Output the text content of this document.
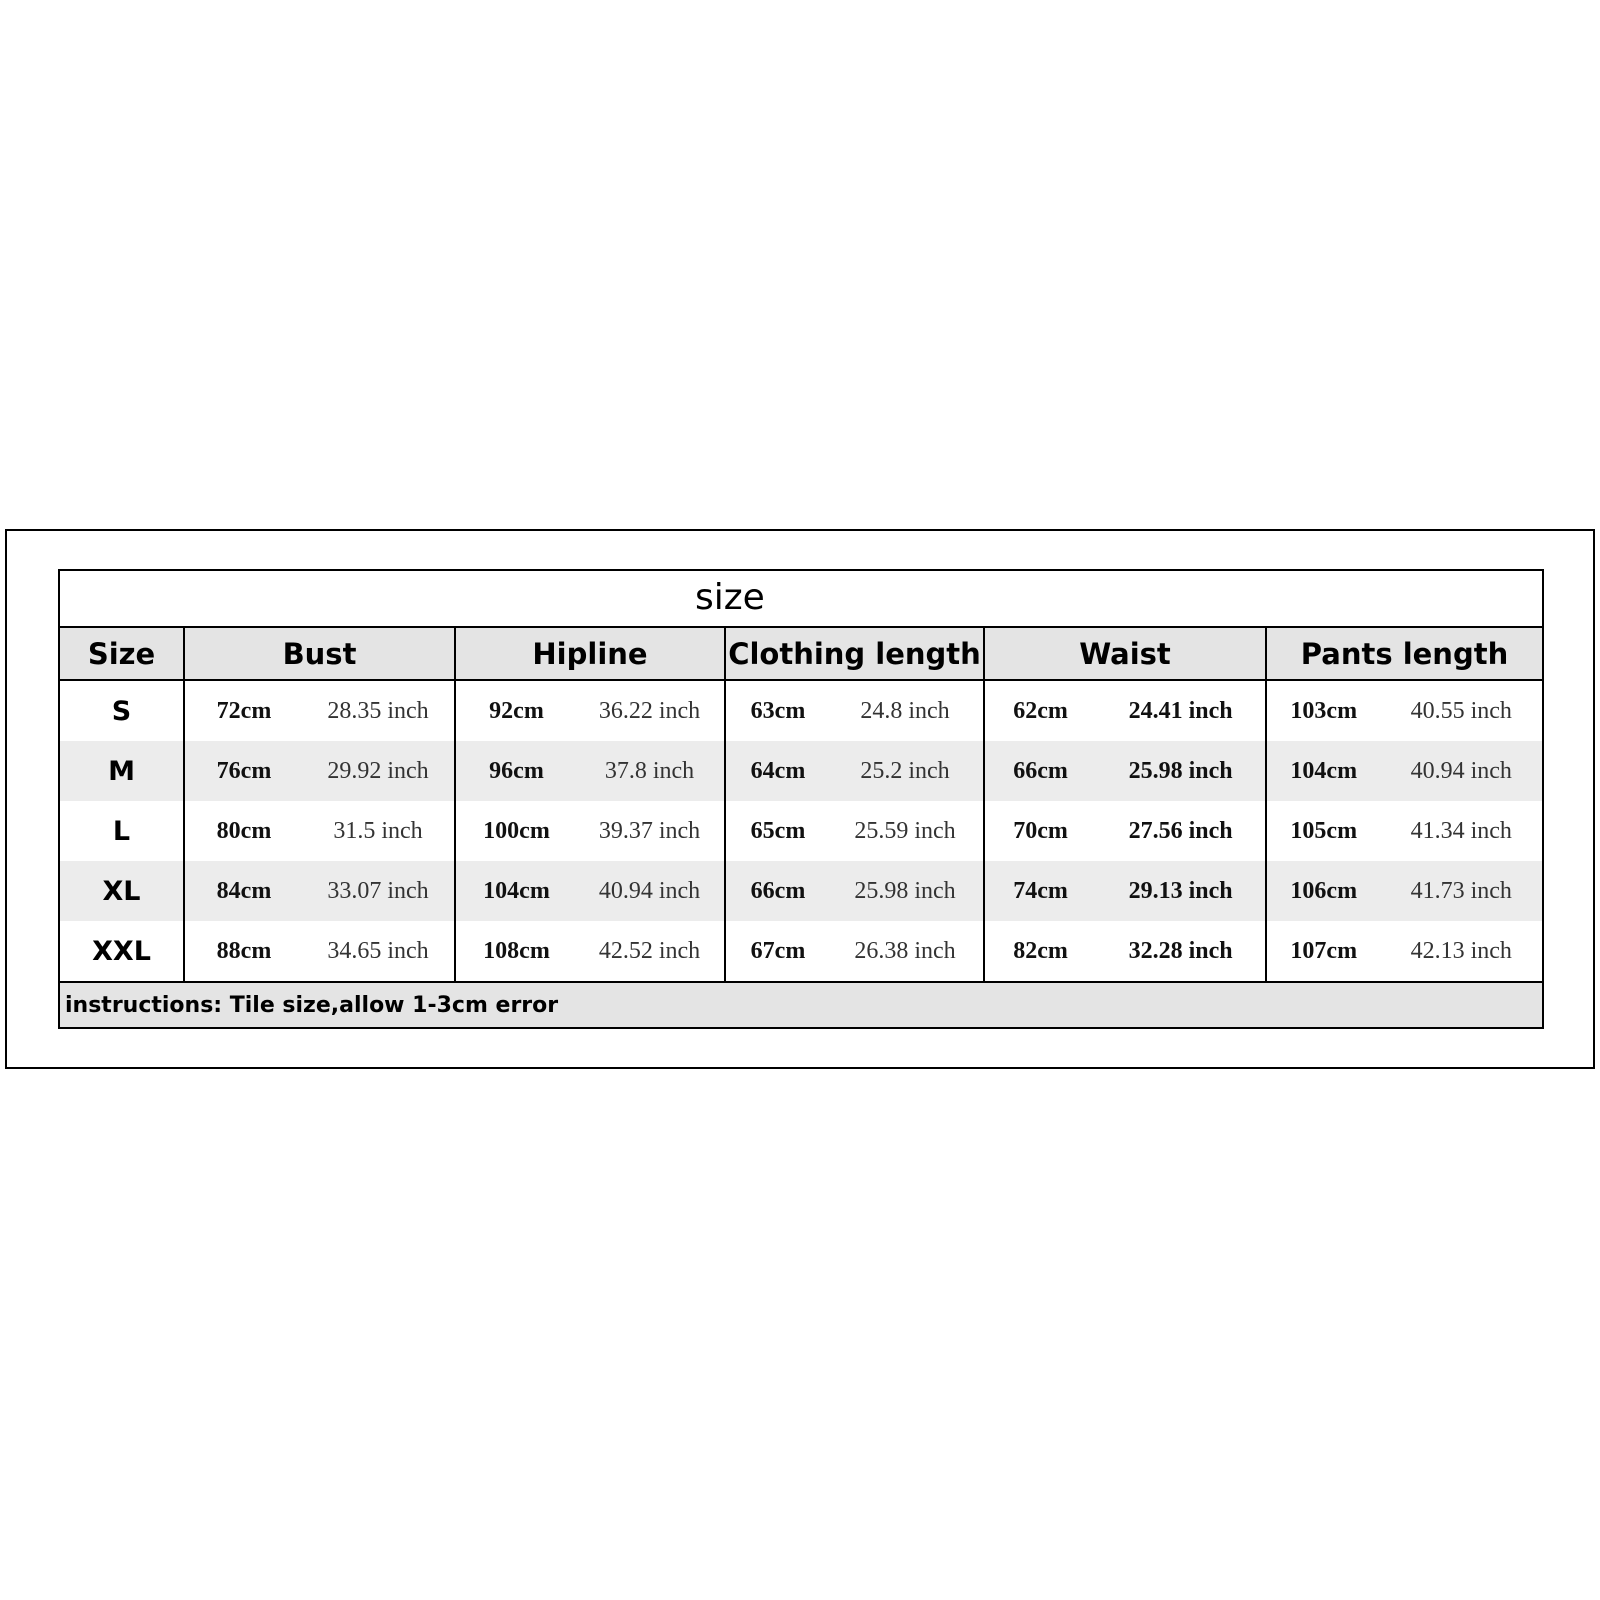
size
Size	Bust	Hipline	Clothing length	Waist	Pants length
S	72cm 28.35 inch	92cm 36.22 inch	63cm 24.8 inch	62cm 24.41 inch	103cm 40.55 inch

M	76cm 29.92 inch	96cm 37.8 inch	64cm 25.2 inch	66cm 25.98 inch	104cm 40.94 inch

L	80cm 31.5 inch	100cm 39.37 inch	65cm 25.59 inch	70cm 27.56 inch	105cm 41.34 inch

XL	84cm 33.07 inch	104cm 40.94 inch	66cm 25.98 inch	74cm 29.13 inch	106cm 41.73 inch

XXL	88cm 34.65 inch	108cm 42.52 inch	67cm 26.38 inch	82cm 32.28 inch	107cm 42.13 inch
instructions: Tile size,allow 1-3cm error
